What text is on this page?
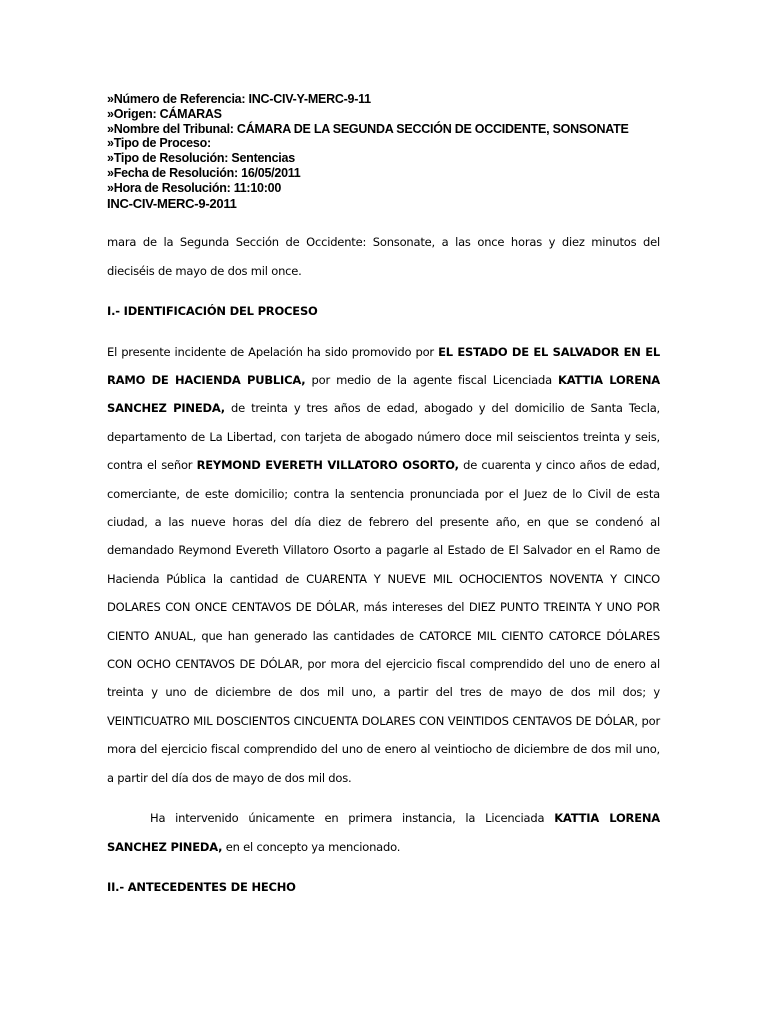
»Número de Referencia: INC-CIV-Y-MERC-9-11
»Origen: CÁMARAS
»Nombre del Tribunal: CÁMARA DE LA SEGUNDA SECCIÓN DE OCCIDENTE, SONSONATE
»Tipo de Proceso:
»Tipo de Resolución: Sentencias
»Fecha de Resolución: 16/05/2011
»Hora de Resolución: 11:10:00
INC-CIV-MERC-9-2011

mara de la Segunda Sección de Occidente: Sonsonate, a las once horas y diez minutos del dieciséis de mayo de dos mil once.

I.- IDENTIFICACIÓN DEL PROCESO

El presente incidente de Apelación ha sido promovido por EL ESTADO DE EL SALVADOR EN EL RAMO DE HACIENDA PUBLICA, por medio de la agente fiscal Licenciada KATTIA LORENA SANCHEZ PINEDA, de treinta y tres años de edad, abogado y del domicilio de Santa Tecla, departamento de La Libertad, con tarjeta de abogado número doce mil seiscientos treinta y seis, contra el señor REYMOND EVERETH VILLATORO OSORTO, de cuarenta y cinco años de edad, comerciante, de este domicilio; contra la sentencia pronunciada por el Juez de lo Civil de esta ciudad, a las nueve horas del día diez de febrero del presente año, en que se condenó al demandado Reymond Evereth Villatoro Osorto a pagarle al Estado de El Salvador en el Ramo de Hacienda Pública la cantidad de CUARENTA Y NUEVE MIL OCHOCIENTOS NOVENTA Y CINCO DOLARES CON ONCE CENTAVOS DE DÓLAR, más intereses del DIEZ PUNTO TREINTA Y UNO POR CIENTO ANUAL, que han generado las cantidades de CATORCE MIL CIENTO CATORCE DÓLARES CON OCHO CENTAVOS DE DÓLAR, por mora del ejercicio fiscal comprendido del uno de enero al treinta y uno de diciembre de dos mil uno, a partir del tres de mayo de dos mil dos; y VEINTICUATRO MIL DOSCIENTOS CINCUENTA DOLARES CON VEINTIDOS CENTAVOS DE DÓLAR, por mora del ejercicio fiscal comprendido del uno de enero al veintiocho de diciembre de dos mil uno, a partir del día dos de mayo de dos mil dos.

Ha intervenido únicamente en primera instancia, la Licenciada KATTIA LORENA SANCHEZ PINEDA, en el concepto ya mencionado.

II.- ANTECEDENTES DE HECHO
